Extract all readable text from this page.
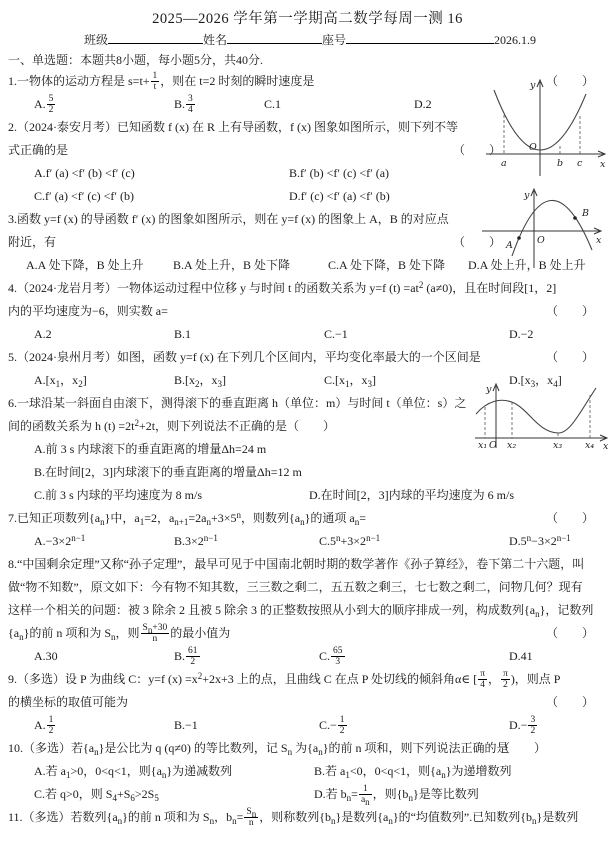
2025—2026 学年第一学期高二数学每周一测 16
班级	姓名	座号	2026.1.9
一、单选题：本题共8小题，每小题5分，共40分.
1.一物体的运动方程是 $s=t+ \frac{1}{t}$ ，则在 t=2 时刻的瞬时速度是	（　　）
A. $\frac{5}{2}$	B. $\frac{3}{4}$	C.1	D.2
2.（2024·泰安月考）已知函数 f (x) 在 R 上有导函数，f (x) 图象如图所示，则下列不等
式正确的是	（　　）
A.f′ (a) <f′ (b) <f′ (c)	B.f′ (b) <f′ (c) <f′ (a)
C.f′ (a) <f′ (c) <f′ (b)	D.f′ (c) <f′ (a) <f′ (b)
3.函数 y=f (x) 的导函数 f′ (x) 的图象如图所示，则在 y=f (x) 的图象上 A，B 的对应点
附近，有	（　　）
A.A 处下降，B 处上升	B.A 处上升，B 处下降	C.A 处下降，B 处下降	D.A 处上升，B 处上升
4.（2024·龙岩月考）一物体运动过程中位移 y 与时间 t 的函数关系为 y=f $(t) =at^2$ (a≠0)，且在时间段[1，2]
内的平均速度为−6，则实数 a=	（　　）
A.2	B.1	C.−1	D.−2
5.（2024·泉州月考）如图，函数 y=f (x) 在下列几个区间内，平均变化率最大的一个区间是	（　　）
$A.[x_1$，$x_2$]	$B.[x_2$，$x_3$]	$C.[x_1$，$x_3$]	$D.[x_3$，$x_4$]
6.一球沿某一斜面自由滚下，测得滚下的垂直距离 h（单位：m）与时间 t（单位：s）之
间的函数关系为 h $(t) =2t^2+2t$，则下列说法不正确的是（　　）
A.前 3 s 内球滚下的垂直距离的增量Δh=24 m
B.在时间[2，3]内球滚下的垂直距离的增量Δh=12 m
C.前 3 s 内球的平均速度为 8 m/s	D.在时间[2，3]内球的平均速度为 6 m/s
7.已知正项数列$\{a_n\}$中，$a_1=2$，$a_{n+1}=2a_n+3\times 5^n$，则数列$\{a_n\}$的通项 $a_n=$	（　　）
$A.-3\times 2^{n-1}$	$B.3\times 2^{n-1}$	$C.5^n+3\times 2^{n-1}$	$D.5^n-3\times 2^{n-1}$
8.“中国剩余定理”又称“孙子定理”，最早可见于中国南北朝时期的数学著作《孙子算经》，卷下第二十六题，叫
做“物不知数”，原文如下：今有物不知其数，三三数之剩二，五五数之剩三，七七数之剩二，问物几何？现有
这样一个相关的问题：被 3 除余 2 且被 5 除余 3 的正整数按照从小到大的顺序排成一列，构成数列$\{a_n\}$，记数列
$\{a_n\}$的前 n 项和为 $S_n$，则 $\frac{S_n+30}{n}$ 的最小值为	（　　）
A.30	B. $\frac{61}{2}$	C. $\frac{65}{3}$	D.41
9.（多选）设 P 为曲线 C：y=f $(x) =x^2+2x+3$ 上的点，且曲线 C 在点 P 处切线的倾斜角α∈ [ $\frac{\pi}{4}$ ， $\frac{\pi}{2}$ )，则点 P
的横坐标的取值可能为	（　　）
A. $\frac{1}{2}$	B.−1	$C.- \frac{1}{2}$	$D.- \frac{3}{2}$
10.（多选）若$\{a_n\}$是公比为 q (q≠0) 的等比数列，记 $S_n$ 为$\{a_n\}$的前 n 项和，则下列说法正确的是
（　　）
A.若 $a_1>0$，0<q<1，则$\{a_n\}$为递减数列	B.若 $a_1<0$，0<q<1，则$\{a_n\}$为递增数列
C.若 q>0，则 $S_4+S_6>2S_5$	D.若 $b_n= \frac{1}{a_n}$ ，则$\{b_n\}$是等比数列
11.（多选）若数列$\{a_n\}$的前 n 项和为 $S_n$，$b_n= \frac{S_n}{n}$ ，则称数列$\{b_n\}$是数列$\{a_n\}$的“均值数列”.已知数列$\{b_n\}$是数列
O
a	b c x
y
A	O
B
x
y
x₁ O x₂	x₃ x₄ x
y
